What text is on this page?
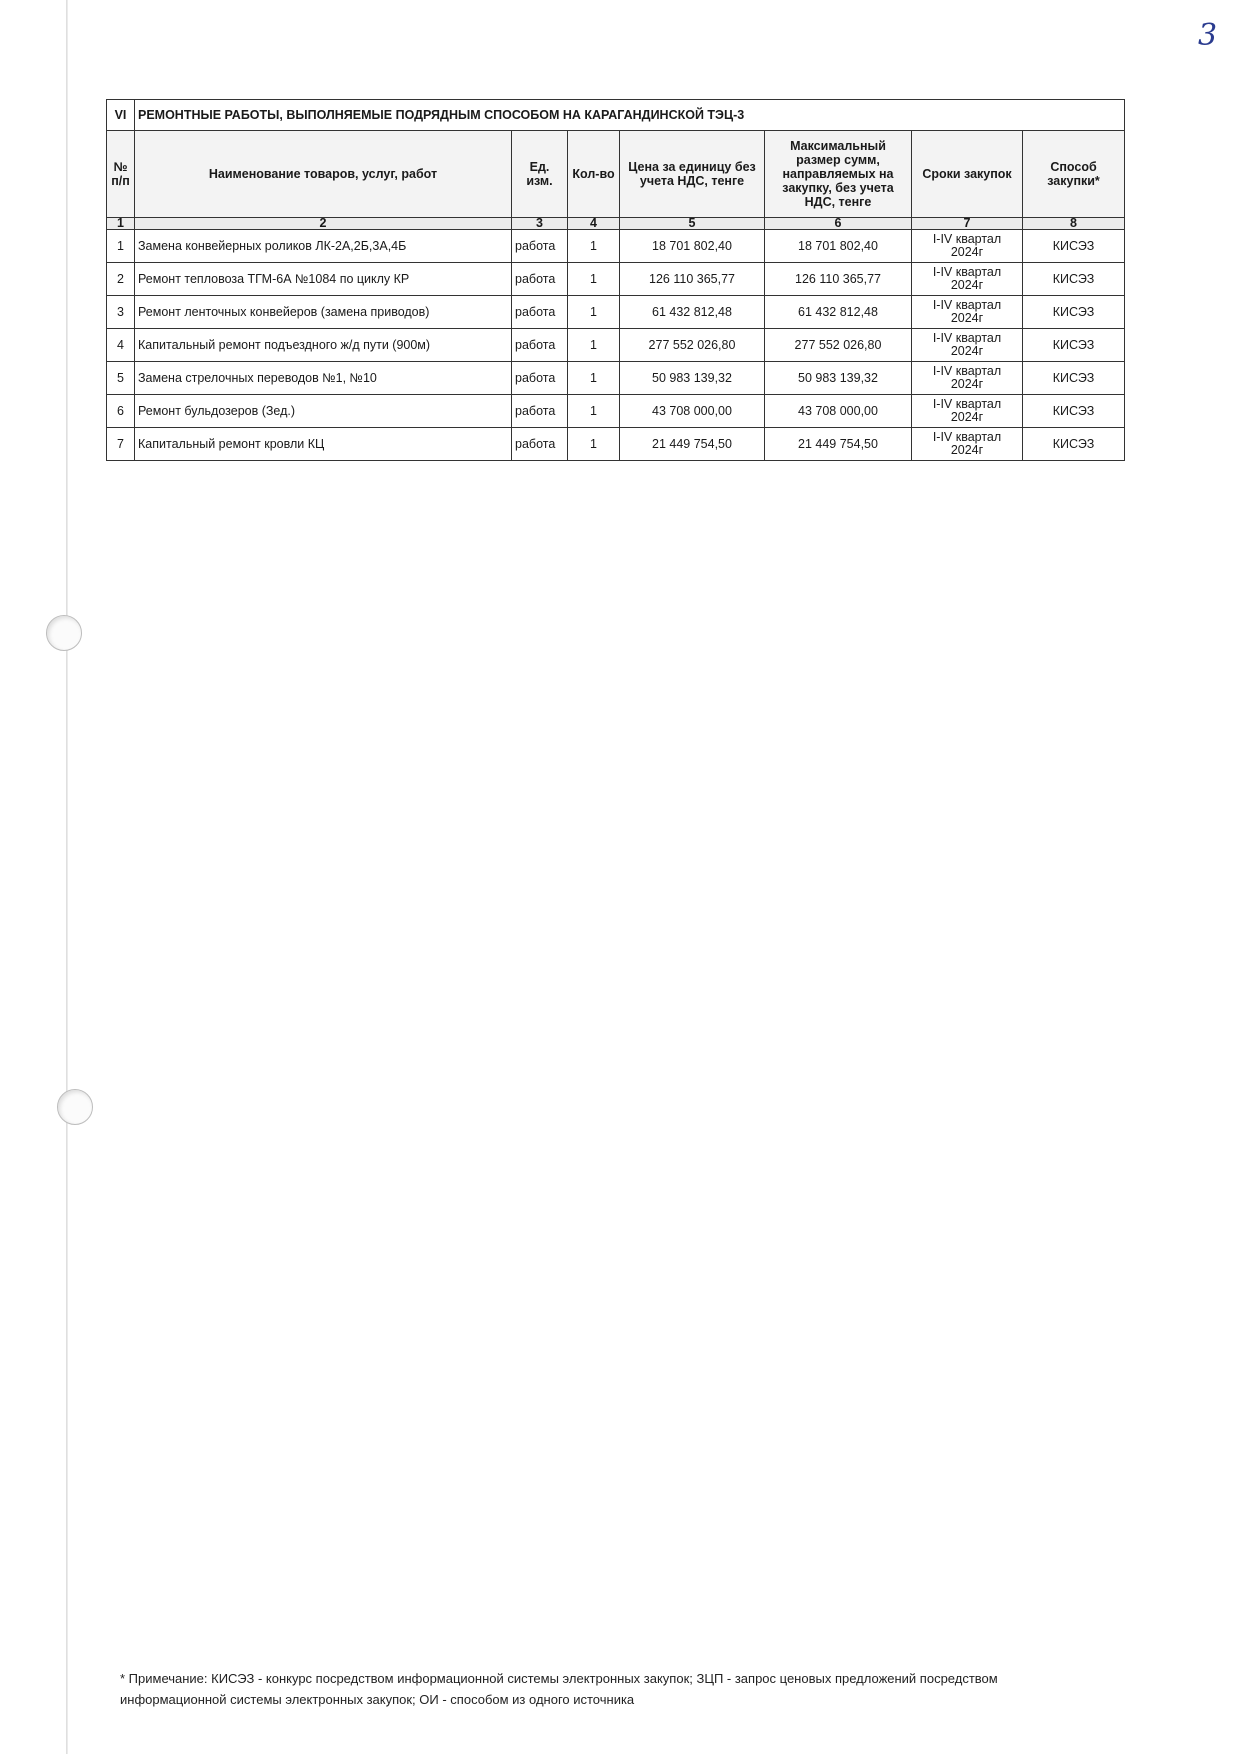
3
VI	РЕМОНТНЫЕ РАБОТЫ, ВЫПОЛНЯЕМЫЕ ПОДРЯДНЫМ СПОСОБОМ НА КАРАГАНДИНСКОЙ ТЭЦ-3						
№ п/п	Наименование товаров, услуг, работ	Ед. изм.	Кол-во	Цена за единицу без учета НДС, тенге	Максимальный размер сумм, направляемых на закупку, без учета НДС, тенге	Сроки закупок	Способ закупки*
1	2	3	4	5	6	7	8
1	Замена конвейерных роликов ЛК-2А,2Б,3А,4Б	работа	1	18 701 802,40	18 701 802,40	I-IV квартал 2024г	КИСЭЗ
2	Ремонт тепловоза ТГМ-6А №1084 по циклу КР	работа	1	126 110 365,77	126 110 365,77	I-IV квартал 2024г	КИСЭЗ
3	Ремонт ленточных конвейеров (замена приводов)	работа	1	61 432 812,48	61 432 812,48	I-IV квартал 2024г	КИСЭЗ
4	Капитальный ремонт подъездного ж/д пути (900м)	работа	1	277 552 026,80	277 552 026,80	I-IV квартал 2024г	КИСЭЗ
5	Замена стрелочных переводов №1, №10	работа	1	50 983 139,32	50 983 139,32	I-IV квартал 2024г	КИСЭЗ
6	Ремонт бульдозеров (Зед.)	работа	1	43 708 000,00	43 708 000,00	I-IV квартал 2024г	КИСЭЗ
7	Капитальный ремонт кровли КЦ	работа	1	21 449 754,50	21 449 754,50	I-IV квартал 2024г	КИСЭЗ
* Примечание: КИСЭЗ - конкурс посредством информационной системы электронных закупок; ЗЦП - запрос ценовых предложений посредством информационной системы электронных закупок; ОИ - способом из одного источника
